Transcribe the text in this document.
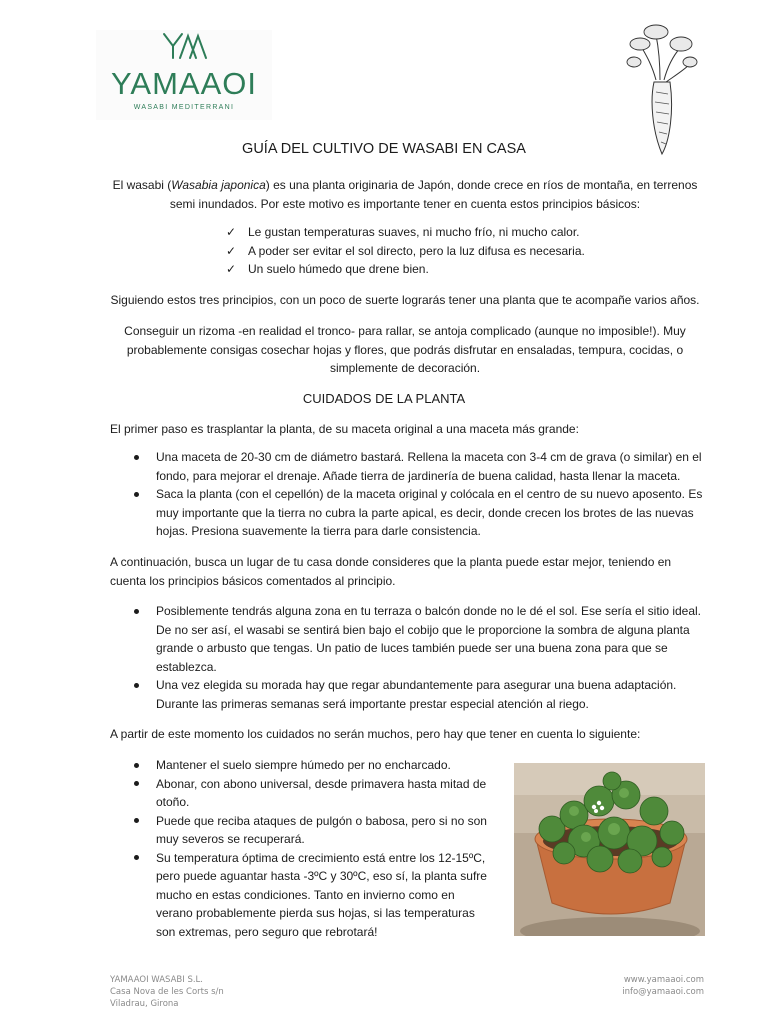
YAMAAOI
WASABI MEDITERRANI
GUÍA DEL CULTIVO DE WASABI EN CASA

El wasabi (Wasabia japonica) es una planta originaria de Japón, donde crece en ríos de montaña, en terrenos semi inundados. Por este motivo es importante tener en cuenta estos principios básicos:

✓ Le gustan temperaturas suaves, ni mucho frío, ni mucho calor.
✓ A poder ser evitar el sol directo, pero la luz difusa es necesaria.
✓ Un suelo húmedo que drene bien.

Siguiendo estos tres principios, con un poco de suerte lograrás tener una planta que te acompañe varios años.

Conseguir un rizoma -en realidad el tronco- para rallar, se antoja complicado (aunque no imposible!). Muy probablemente consigas cosechar hojas y flores, que podrás disfrutar en ensaladas, tempura, cocidas, o simplemente de decoración.

CUIDADOS DE LA PLANTA

El primer paso es trasplantar la planta, de su maceta original a una maceta más grande:

Una maceta de 20-30 cm de diámetro bastará. Rellena la maceta con 3-4 cm de grava (o similar) en el fondo, para mejorar el drenaje. Añade tierra de jardinería de buena calidad, hasta llenar la maceta.
Saca la planta (con el cepellón) de la maceta original y colócala en el centro de su nuevo aposento. Es muy importante que la tierra no cubra la parte apical, es decir, donde crecen los brotes de las nuevas hojas. Presiona suavemente la tierra para darle consistencia.

A continuación, busca un lugar de tu casa donde consideres que la planta puede estar mejor, teniendo en cuenta los principios básicos comentados al principio.

Posiblemente tendrás alguna zona en tu terraza o balcón donde no le dé el sol. Ese sería el sitio ideal. De no ser así, el wasabi se sentirá bien bajo el cobijo que le proporcione la sombra de alguna planta grande o arbusto que tengas. Un patio de luces también puede ser una buena zona para que se establezca.
Una vez elegida su morada hay que regar abundantemente para asegurar una buena adaptación. Durante las primeras semanas será importante prestar especial atención al riego.

A partir de este momento los cuidados no serán muchos, pero hay que tener en cuenta lo siguiente:

Mantener el suelo siempre húmedo per no encharcado.
Abonar, con abono universal, desde primavera hasta mitad de otoño.
Puede que reciba ataques de pulgón o babosa, pero si no son muy severos se recuperará.
Su temperatura óptima de crecimiento está entre los 12-15ºC, pero puede aguantar hasta -3ºC y 30ºC, eso sí, la planta sufre mucho en estas condiciones. Tanto en invierno como en verano probablemente pierda sus hojas, si las temperaturas son extremas, pero seguro que rebrotará!
YAMAAOI WASABI S.L.
Casa Nova de les Corts s/n
Viladrau, Girona
www.yamaaoi.com
info@yamaaoi.com
